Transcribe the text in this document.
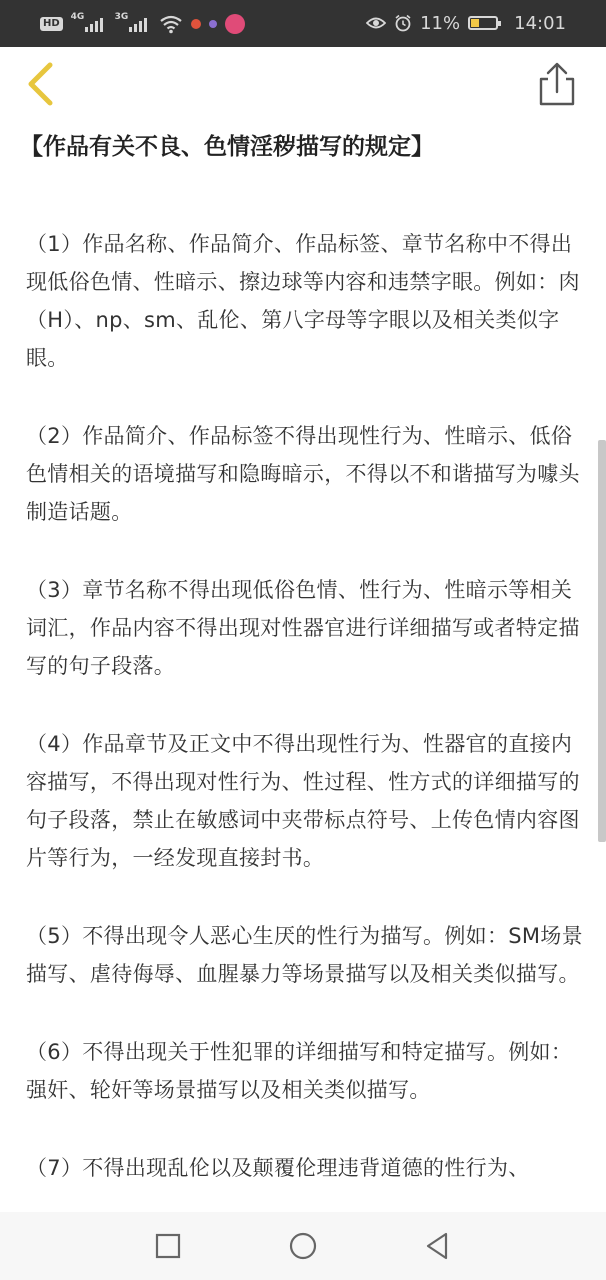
HD
4G	3G	11%	14:01
【作品有关不良、色情淫秽描写的规定】

（1）作品名称、作品简介、作品标签、章节名称中不得出现低俗色情、性暗示、擦边球等内容和违禁字眼。例如：肉（H）、np、sm、乱伦、第八字母等字眼以及相关类似字眼。

（2）作品简介、作品标签不得出现性行为、性暗示、低俗色情相关的语境描写和隐晦暗示，不得以不和谐描写为噱头制造话题。

（3）章节名称不得出现低俗色情、性行为、性暗示等相关词汇，作品内容不得出现对性器官进行详细描写或者特定描写的句子段落。

（4）作品章节及正文中不得出现性行为、性器官的直接内容描写，不得出现对性行为、性过程、性方式的详细描写的句子段落，禁止在敏感词中夹带标点符号、上传色情内容图片等行为，一经发现直接封书。

（5）不得出现令人恶心生厌的性行为描写。例如：SM场景描写、虐待侮辱、血腥暴力等场景描写以及相关类似描写。

（6）不得出现关于性犯罪的详细描写和特定描写。例如：强奸、轮奸等场景描写以及相关类似描写。

（7）不得出现乱伦以及颠覆伦理违背道德的性行为、
